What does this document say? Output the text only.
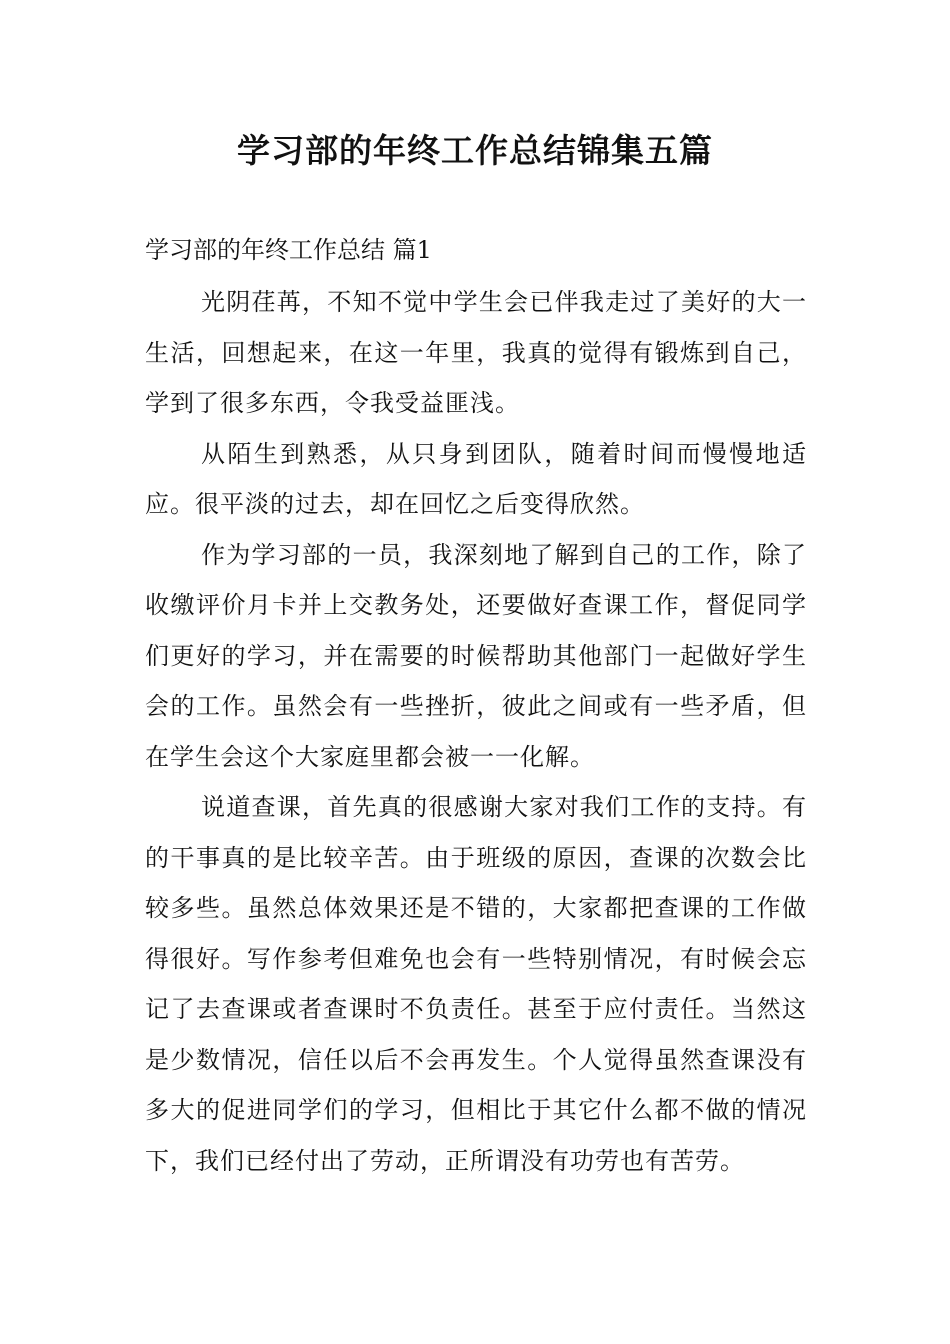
学习部的年终工作总结锦集五篇
学习部的年终工作总结 篇1

光阴荏苒，不知不觉中学生会已伴我走过了美好的大一生活，回想起来，在这一年里，我真的觉得有锻炼到自己，学到了很多东西，令我受益匪浅。

从陌生到熟悉，从只身到团队，随着时间而慢慢地适应。很平淡的过去，却在回忆之后变得欣然。

作为学习部的一员，我深刻地了解到自己的工作，除了收缴评价月卡并上交教务处，还要做好查课工作，督促同学们更好的学习，并在需要的时候帮助其他部门一起做好学生会的工作。虽然会有一些挫折，彼此之间或有一些矛盾，但在学生会这个大家庭里都会被一一化解。

说道查课，首先真的很感谢大家对我们工作的支持。有的干事真的是比较辛苦。由于班级的原因，查课的次数会比较多些。虽然总体效果还是不错的，大家都把查课的工作做得很好。写作参考但难免也会有一些特别情况，有时候会忘记了去查课或者查课时不负责任。甚至于应付责任。当然这是少数情况，信任以后不会再发生。个人觉得虽然查课没有多大的促进同学们的学习，但相比于其它什么都不做的情况下，我们已经付出了劳动，正所谓没有功劳也有苦劳。
